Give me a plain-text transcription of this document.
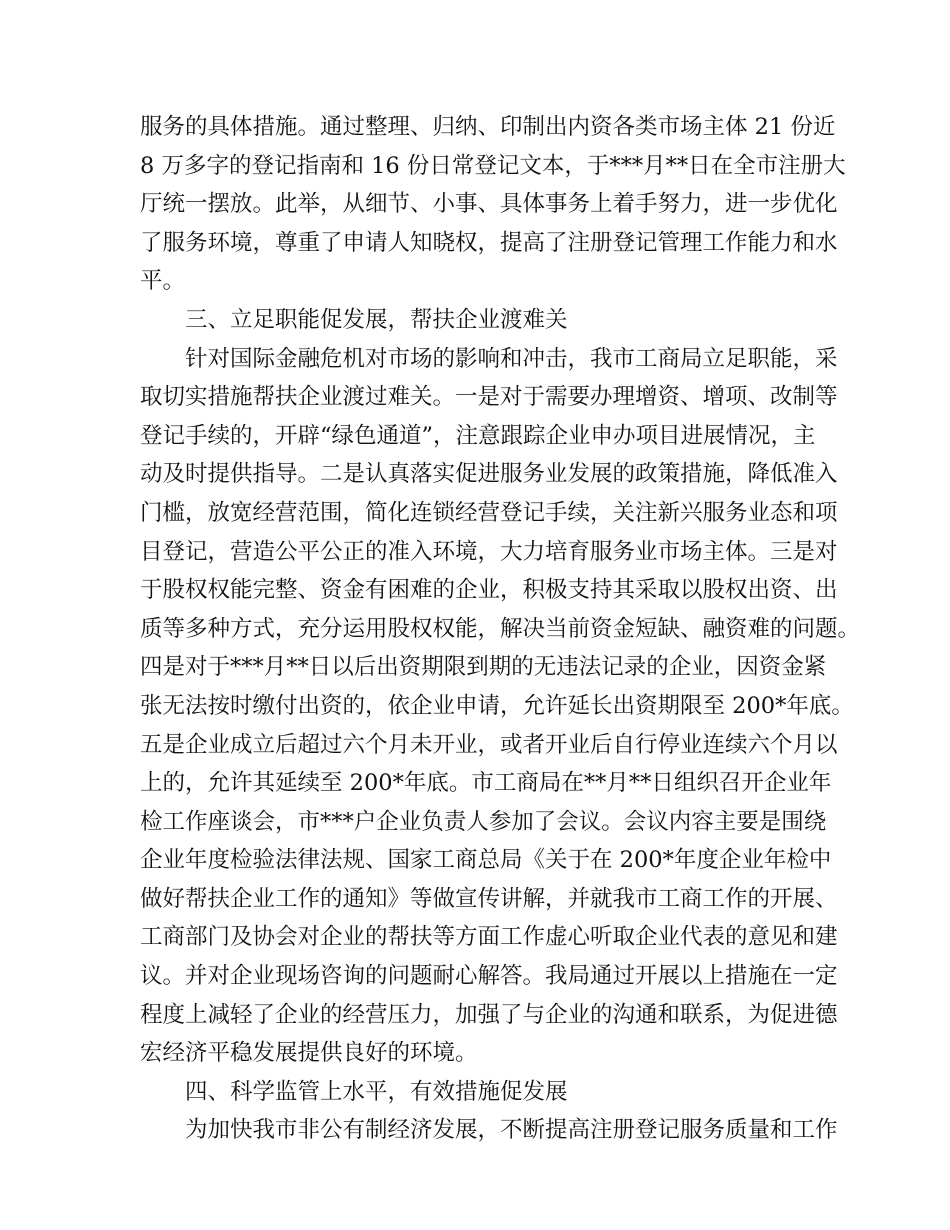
服务的具体措施。通过整理、归纳、印制出内资各类市场主体 21 份近
8 万多字的登记指南和 16 份日常登记文本，于***月**日在全市注册大
厅统一摆放。此举，从细节、小事、具体事务上着手努力，进一步优化
了服务环境，尊重了申请人知晓权，提高了注册登记管理工作能力和水
平。
三、立足职能促发展，帮扶企业渡难关
针对国际金融危机对市场的影响和冲击，我市工商局立足职能，采
取切实措施帮扶企业渡过难关。一是对于需要办理增资、增项、改制等
登记手续的，开辟“绿色通道”，注意跟踪企业申办项目进展情况，主
动及时提供指导。二是认真落实促进服务业发展的政策措施，降低准入
门槛，放宽经营范围，简化连锁经营登记手续，关注新兴服务业态和项
目登记，营造公平公正的准入环境，大力培育服务业市场主体。三是对
于股权权能完整、资金有困难的企业，积极支持其采取以股权出资、出
质等多种方式，充分运用股权权能，解决当前资金短缺、融资难的问题。
四是对于***月**日以后出资期限到期的无违法记录的企业，因资金紧
张无法按时缴付出资的，依企业申请，允许延长出资期限至 200*年底。
五是企业成立后超过六个月未开业，或者开业后自行停业连续六个月以
上的，允许其延续至 200*年底。市工商局在**月**日组织召开企业年
检工作座谈会，市***户企业负责人参加了会议。会议内容主要是围绕
企业年度检验法律法规、国家工商总局《关于在 200*年度企业年检中
做好帮扶企业工作的通知》等做宣传讲解，并就我市工商工作的开展、
工商部门及协会对企业的帮扶等方面工作虚心听取企业代表的意见和建
议。并对企业现场咨询的问题耐心解答。我局通过开展以上措施在一定
程度上减轻了企业的经营压力，加强了与企业的沟通和联系，为促进德
宏经济平稳发展提供良好的环境。
四、科学监管上水平，有效措施促发展
为加快我市非公有制经济发展，不断提高注册登记服务质量和工作
